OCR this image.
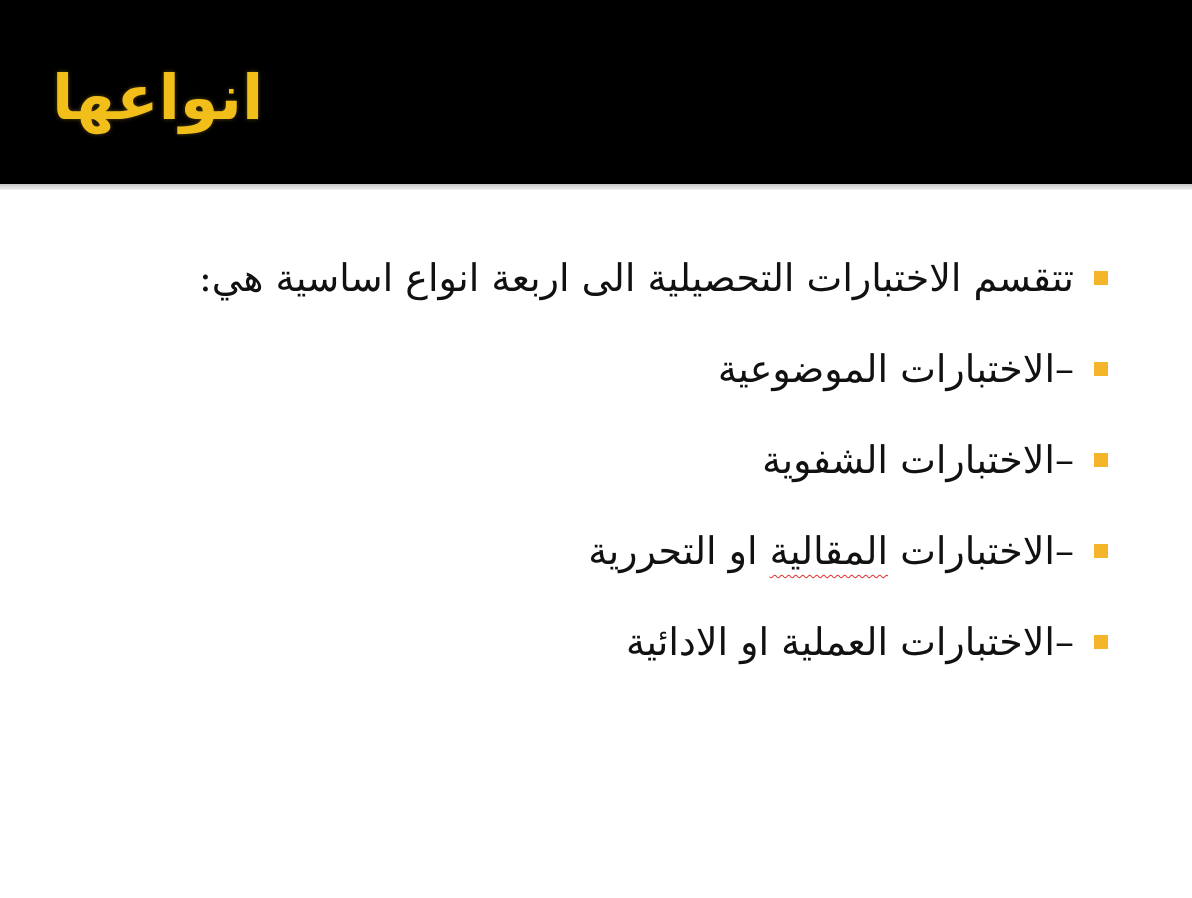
انواعها
تتقسم الاختبارات التحصيلية الى اربعة انواع اساسية هي:
–الاختبارات الموضوعية
–الاختبارات الشفوية
–الاختبارات المقالية او التحررية
–الاختبارات العملية او الادائية
